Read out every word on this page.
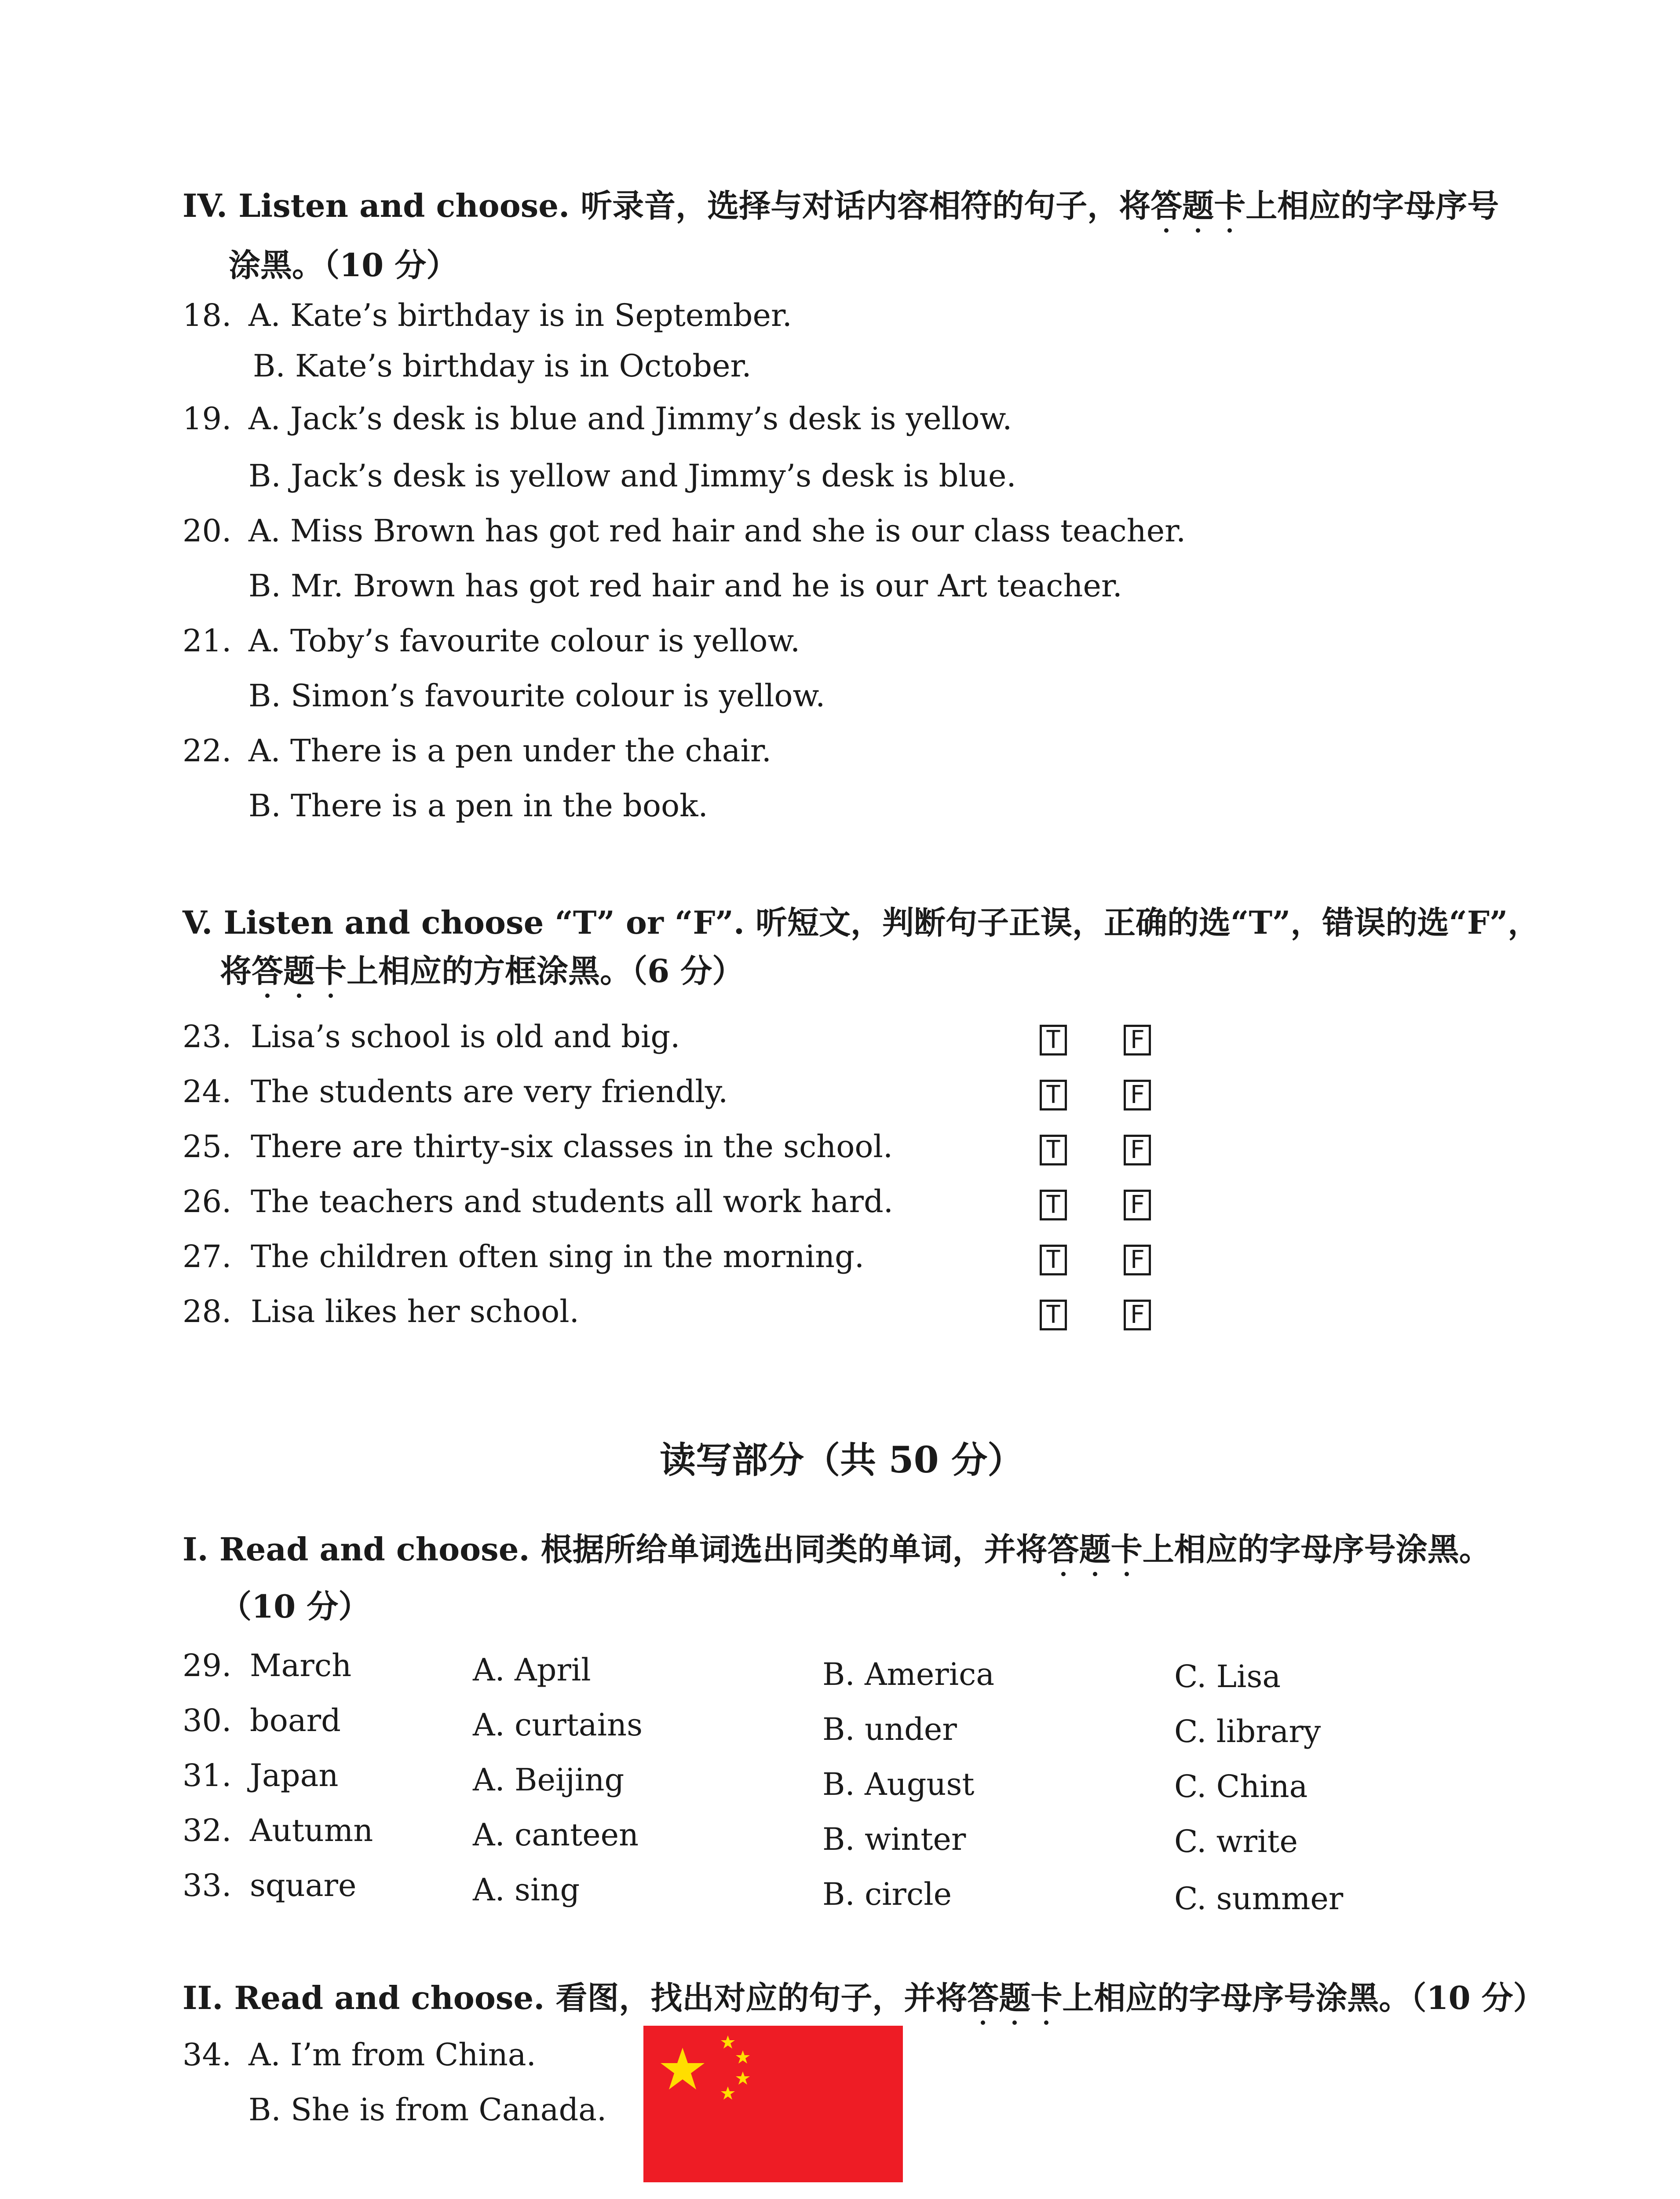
IV. Listen and choose. 听录音，选择与对话内容相符的句子，将答题卡上相应的字母序号
涂黑。（10 分）
18. A. Kate’s birthday is in September.
B. Kate’s birthday is in October.
19. A. Jack’s desk is blue and Jimmy’s desk is yellow.
B. Jack’s desk is yellow and Jimmy’s desk is blue.
20. A. Miss Brown has got red hair and she is our class teacher.
B. Mr. Brown has got red hair and he is our Art teacher.
21. A. Toby’s favourite colour is yellow.
B. Simon’s favourite colour is yellow.
22. A. There is a pen under the chair.
B. There is a pen in the book.
V. Listen and choose “T” or “F”. 听短文，判断句子正误，正确的选“T”，错误的选“F”，
将答题卡上相应的方框涂黑。（6 分）
23. Lisa’s school is old and big.	T	F
24. The students are very friendly.	T	F
25. There are thirty-six classes in the school.	T	F
26. The teachers and students all work hard.	T	F
27. The children often sing in the morning.	T	F
28. Lisa likes her school.	T	F
读写部分（共 50 分）
I. Read and choose. 根据所给单词选出同类的单词，并将答题卡上相应的字母序号涂黑。
（10 分）
29. March	A. April	B. America	C. Lisa
30. board	A. curtains	B. under	C. library
31. Japan	A. Beijing	B. August	C. China
32. Autumn	A. canteen	B. winter	C. write
33. square	A. sing	B. circle	C. summer
II. Read and choose. 看图，找出对应的句子，并将答题卡上相应的字母序号涂黑。（10 分）
34. A. I’m from China.
B. She is from Canada.
